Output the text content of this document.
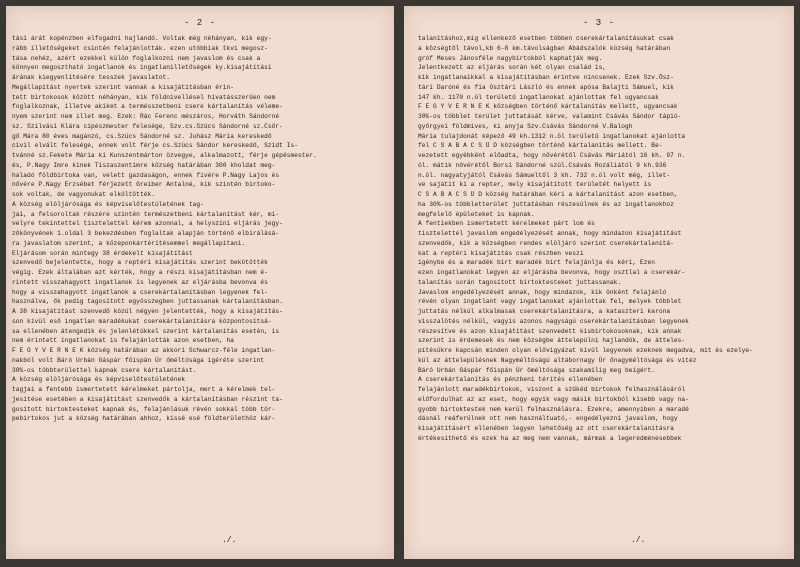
- 2 -
tási árát kopénzben elfogadni hajlandó. Voltak még néhányan, kik egy-
rább illetőségeket csintén felajánlották. ezen utóbbiak tkvi megosz-
tása nehéz, azért ezekkel külön foglalkozni nem javaslom és csak a
könnyen megosztható ingatlanok és ingatlanilletőségek ky.kisajátítási
árának kiegyenlítésére tesszek javaslatot.
Megállapítást nyertek szerint vannak a kisajátításban érin-
tett birtokosok között néhányan, kik földnivellésel hivatásszerűen nem
foglalkoznak, illetve akiket a termésszetbeni csere kártalanítás véleme-
nyem szerint nem illet meg. Ezek: Rác Ferenc mészáros, Horváth Sándorné
sz. Szilvási Klára cipészmester felesége, Szv.cs.Szücs Sándorné sz.Csőr-
gő Mára 80 éves magánzó, cs.Szücs Sándorné sz. Juhász Mária kereskedő
civil elvált felesége, ennek volt férje cs.Szücs Sándor kereskedő, Szidt Is-
tvánné sz.Fekete Mária ki Kunszentmárton özvegye, alkalmazott, férje gépésmester.
és, P.Nagy Imre kinek Tiszaszentimre község határában 300 kholdat meg-
haladó földbirtoka van, velett gazdaságon, ennek fivére P.Nagy Lajos és
nővére P.Nagy Erzsébet férjezett Greiber Antalné, kik szintén birtoko-
sok voltak, de vagyonukat elköltötték.
A község elöljárósága és képviselőtestületének tag-
jai, a felsoroltak részére szintén természetbeni kártalanítást kér, mi-
velyre tekintettel tisztelettel kérem azonnal, a helyszíni eljárás jegy-
zőkönyvének 1.oldal 3 bekezdésben foglaltak alapján történő elbírálásá-
ra javaslatom szerint, a közeponkártérítésemmel megállapítani.
Eljárásom során mintegy 38 érdekelt kisajátítást
szenvedő bejelentette, hogy a reptéri kisajátítás szerint bekötötték
végig. Ezek általában azt kérték, hogy a részi kisajátításban nem é-
rintett visszahagyott ingatlanok is legyenek az eljárásba bevonva és
hogy a visszahagyott ingatlanok a cserekártalanításban legyenek fel-
használva, ők pedig tagosított egyösszegben juttassanak kártalanításban.
A 38 kisajátítást szenvedő közül négyen jelentették, hogy a kisajátítás-
son kívül eső ingatlan maradékukat cserekártalanításra központosítsá-
sa ellenében átengedik és jelenlétükkel szerint kártalanítás esetén, is
nem érintett ingatlanokat is felajánlották azon esetben, ha
F E G Y V E R N E K község határában az akkori Schwarcz-féle ingatlan-
nakból volt Báró Urbán Gáspár főispán Úr őméltósága igéréte szerint
30%-os többterülettel kapnak csere kártalanítást.
A község elöljárósága és képviselőtestületének
tagjai a fentebb ismertetett kérelmeket pártolja, mert a kérelmek tel-
jesítése esetében a kisajátítást szenvedők a kártalanításban részint ta-
gosított birtoktesteket kapnak és, felajánlásuk révén sokkal több tör-
pebirtokos jut a község határában ahhoz, kissé esé földterülethöz kár-
./.
- 3 -
talanításhoz,míg ellenkező esetben többen cserekártalanításukat csak
a községtől távol,kb 6-8 km.távolságban Abádszalók község határában
gróf Meses Jánosféle nagybirtokból kaphatják meg.
Jelentkezett az eljárás során két olyan család is,
kik ingatlanaikkal a kisajátításban érintve nincsenek. Ezek Szv.Ösz-
tári Daróné és fia Osztári László és ennek apósa Balajti Sámuel, kik
147 kh. 1170 n.öl területű ingatlanokat ajánlottak fel ugyancsak
F E G Y V E R N E K községben történő kártalanítás mellett, ugyancsak
30%-os többlet terület juttatását kérve, valamint Csávás Sándor tápió-
győrgyei földmives, ki anyja Szv.Csávás Sándorné V.Balogh
Mária tulajdonát képező 49 kh.1312 n.öl területű ingatlanokat ajánlotta
fel C S A B A C S Ü D községben történő kártalanítás mellett. Be-
vezetett egyébként előadta, hogy nővérétől Csávás Máriától 16 kh. 97 n.
öl. mátik nővérétől Borsi Sándorné szül.Csávás Rozáliától 9 kh.936
n.öl. nagyatyjától Csávás Sámueltől 3 kh. 732 n.öl volt még, illet-
ve sajátit ki a repter, mely kisajátított területét helyett is
C S A B A C S Ü D község határában kéri a kártalanítást azon esetben,
ha 30%-os többletterület juttatásban részesülnek és az ingatlanokhoz
megfelelő épületeket is kapnak.
A fentiekben ismertetett kérelmeket párt lom és
tisztelettel javaslom engedélyezését annak, hogy mindazon kisajátítást
szenvedők, kik a községben rendes elöljáró szerint cserekártalanítá-
kat a reptéri kisajátítás csak részben veszi
igénybe és a maradék birt maradék birt felajánlja és kéri, Ezen
ezen ingatlanokat legyen az eljárásba bevonva, hogy osztlal a cserekár-
talanítás során tagosított birtoktesteket juttassanak.
Javaslom engedélyezését annak, hogy mindazok, kik önként felajánló
révén olyan ingatlant vagy ingatlanokat ajánlottak fel, melyek többlet
juttatás nélkül alkalmasak cserekártalanításra, a kataszteri karona
visszalötés nélkül, vagyis azonos nagyságú cserekártalanításban legyenek
részesítve és azon kisajátítást szenvedett kisbirtokosoknak, kik annak
szerint is érdemesek és nem községbe áttelepülni hajlandók, de átteles-
pítésükre kapcsán minden olyan elővigyázat kívül legyenek ezeknek megadva, mit és ezelye-
kül az áttelepülésnek Nagyméltóságú altábornagy Úr őnagyméltósága és vitéz
Báró Urbán Gáspár főispán Úr őméltósága szakamilig meg beigért.
A cserekártalanítás és pénzbeni térítés ellenében
felajánlott maradékbirtokok, viszont a szűkéd birtokok felhasználásáról
előfordulhat az az eset, hogy egyik vagy másik birtokból kisebb vagy na-
gyobb birtoktestek nem kerül felhasználásra. Ezekre, amennyiben a maradé
dásnál reáferülnek ott nem használtuató,- engedélyezni javaslom, hogy
kisajátításért ellenében legyen lehetőség az ott cserekártalanításra
értékesíthető és ezek ha az meg nem vannak, mármak a legeredménesebbek
./.
